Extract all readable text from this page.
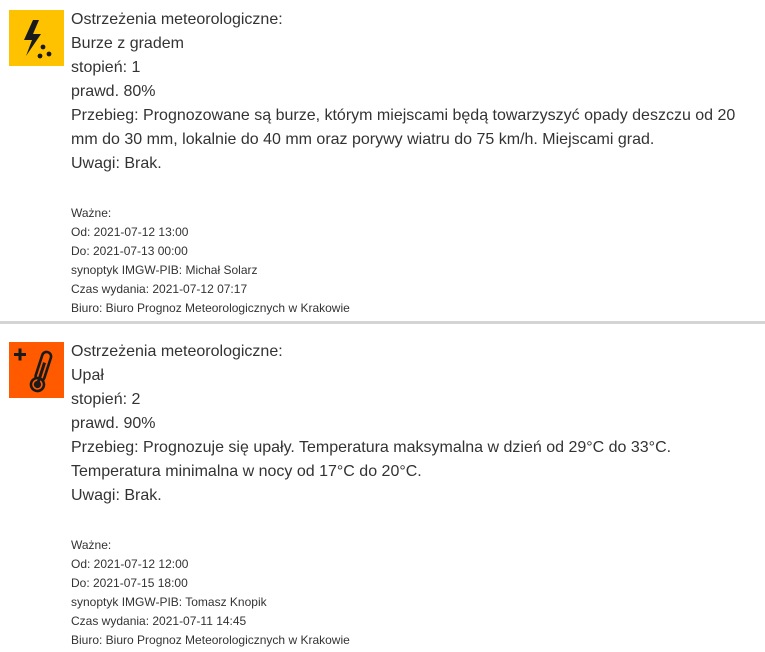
Ostrzeżenia meteorologiczne:
Burze z gradem
stopień: 1
prawd. 80%
Przebieg: Prognozowane są burze, którym miejscami będą towarzyszyć opady deszczu od 20 mm do 30 mm, lokalnie do 40 mm oraz porywy wiatru do 75 km/h. Miejscami grad.
Uwagi: Brak.
Ważne:
Od: 2021-07-12 13:00
Do: 2021-07-13 00:00
synoptyk IMGW-PIB: Michał Solarz
Czas wydania: 2021-07-12 07:17
Biuro: Biuro Prognoz Meteorologicznych w Krakowie
Ostrzeżenia meteorologiczne:
Upał
stopień: 2
prawd. 90%
Przebieg: Prognozuje się upały. Temperatura maksymalna w dzień od 29°C do 33°C. Temperatura minimalna w nocy od 17°C do 20°C.
Uwagi: Brak.
Ważne:
Od: 2021-07-12 12:00
Do: 2021-07-15 18:00
synoptyk IMGW-PIB: Tomasz Knopik
Czas wydania: 2021-07-11 14:45
Biuro: Biuro Prognoz Meteorologicznych w Krakowie
